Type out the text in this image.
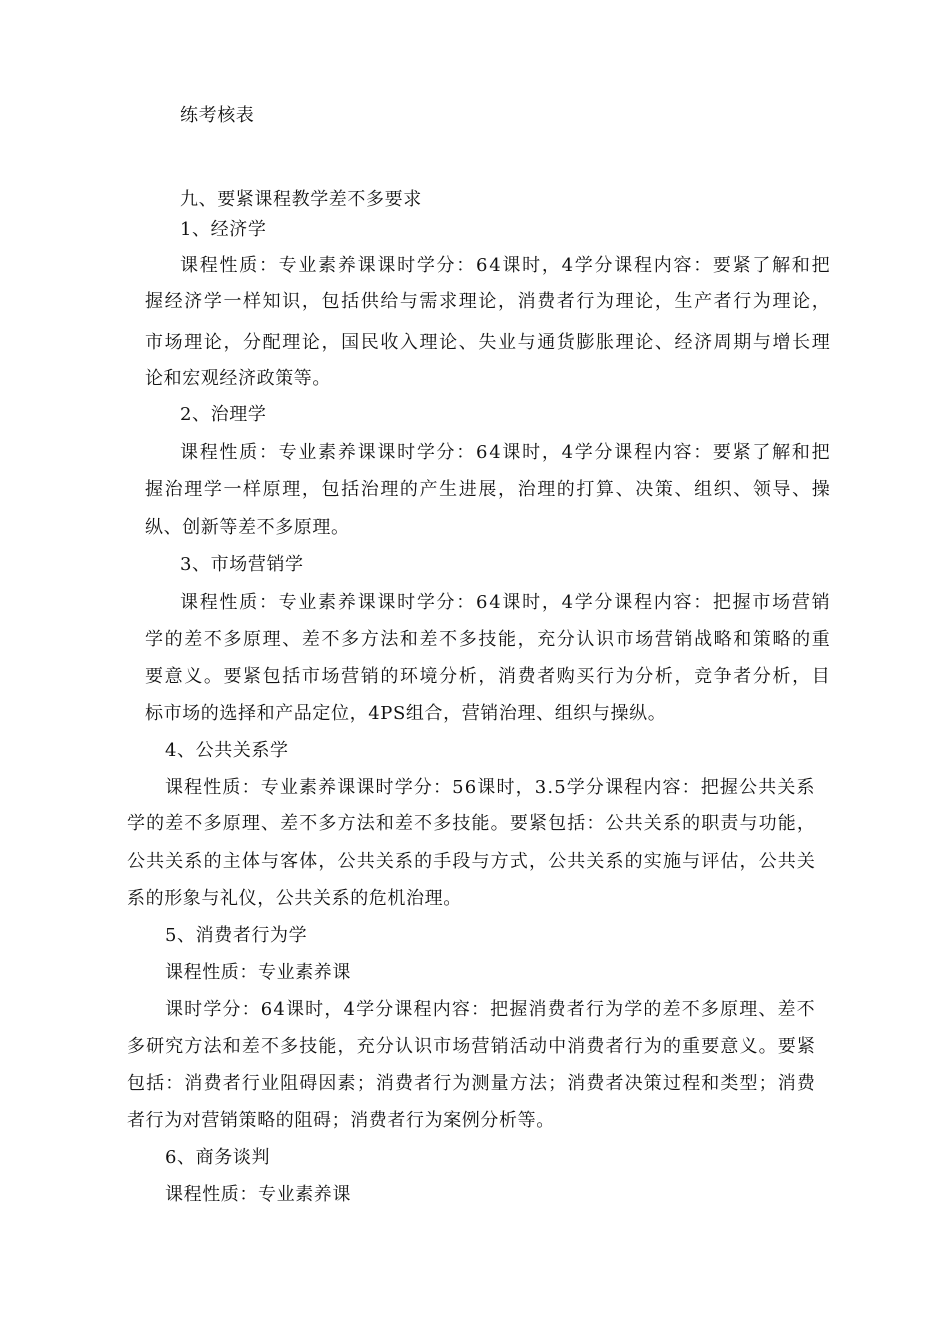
练考核表
九、要紧课程教学差不多要求
1、经济学
课 程 性 质 ： 专 业 素 养 课 课 时 学 分 ： 6 4 课 时 ， 4 学 分 课 程 内 容 ： 要 紧 了 解 和 把
握 经 济 学 一 样 知 识 ， 包 括 供 给 与 需 求 理 论 ， 消 费 者 行 为 理 论 ， 生 产 者 行 为 理 论 ，
市 场 理 论 ， 分 配 理 论 ， 国 民 收 入 理 论 、 失 业 与 通 货 膨 胀 理 论 、 经 济 周 期 与 增 长 理
论和宏观经济政策等。
2、治理学
课 程 性 质 ： 专 业 素 养 课 课 时 学 分 ： 6 4 课 时 ， 4 学 分 课 程 内 容 ： 要 紧 了 解 和 把
握 治 理 学 一 样 原 理 ， 包 括 治 理 的 产 生 进 展 ， 治 理 的 打 算 、 决 策 、 组 织 、 领 导 、 操
纵、创新等差不多原理。
3、市场营销学
课 程 性 质 ： 专 业 素 养 课 课 时 学 分 ： 6 4 课 时 ， 4 学 分 课 程 内 容 ： 把 握 市 场 营 销
学 的 差 不 多 原 理 、 差 不 多 方 法 和 差 不 多 技 能 ， 充 分 认 识 市 场 营 销 战 略 和 策 略 的 重
要 意 义 。 要 紧 包 括 市 场 营 销 的 环 境 分 析 ， 消 费 者 购 买 行 为 分 析 ， 竞 争 者 分 析 ， 目
标市场的选择和产品定位，4PS组合，营销治理、组织与操纵。
4、公共关系学
课 程 性 质 ： 专 业 素 养 课 课 时 学 分 ： 5 6 课 时 ， 3 . 5 学 分 课 程 内 容 ： 把 握 公 共 关 系
学 的 差 不 多 原 理 、 差 不 多 方 法 和 差 不 多 技 能 。 要 紧 包 括 ： 公 共 关 系 的 职 责 与 功 能 ，
公 共 关 系 的 主 体 与 客 体 ， 公 共 关 系 的 手 段 与 方 式 ， 公 共 关 系 的 实 施 与 评 估 ， 公 共 关
系的形象与礼仪，公共关系的危机治理。
5、消费者行为学
课程性质：专业素养课
课 时 学 分 ： 6 4 课 时 ， 4 学 分 课 程 内 容 ： 把 握 消 费 者 行 为 学 的 差 不 多 原 理 、 差 不
多 研 究 方 法 和 差 不 多 技 能 ， 充 分 认 识 市 场 营 销 活 动 中 消 费 者 行 为 的 重 要 意 义 。 要 紧
包 括 ： 消 费 者 行 业 阻 碍 因 素 ； 消 费 者 行 为 测 量 方 法 ； 消 费 者 决 策 过 程 和 类 型 ； 消 费
者行为对营销策略的阻碍；消费者行为案例分析等。
6、商务谈判
课程性质：专业素养课
